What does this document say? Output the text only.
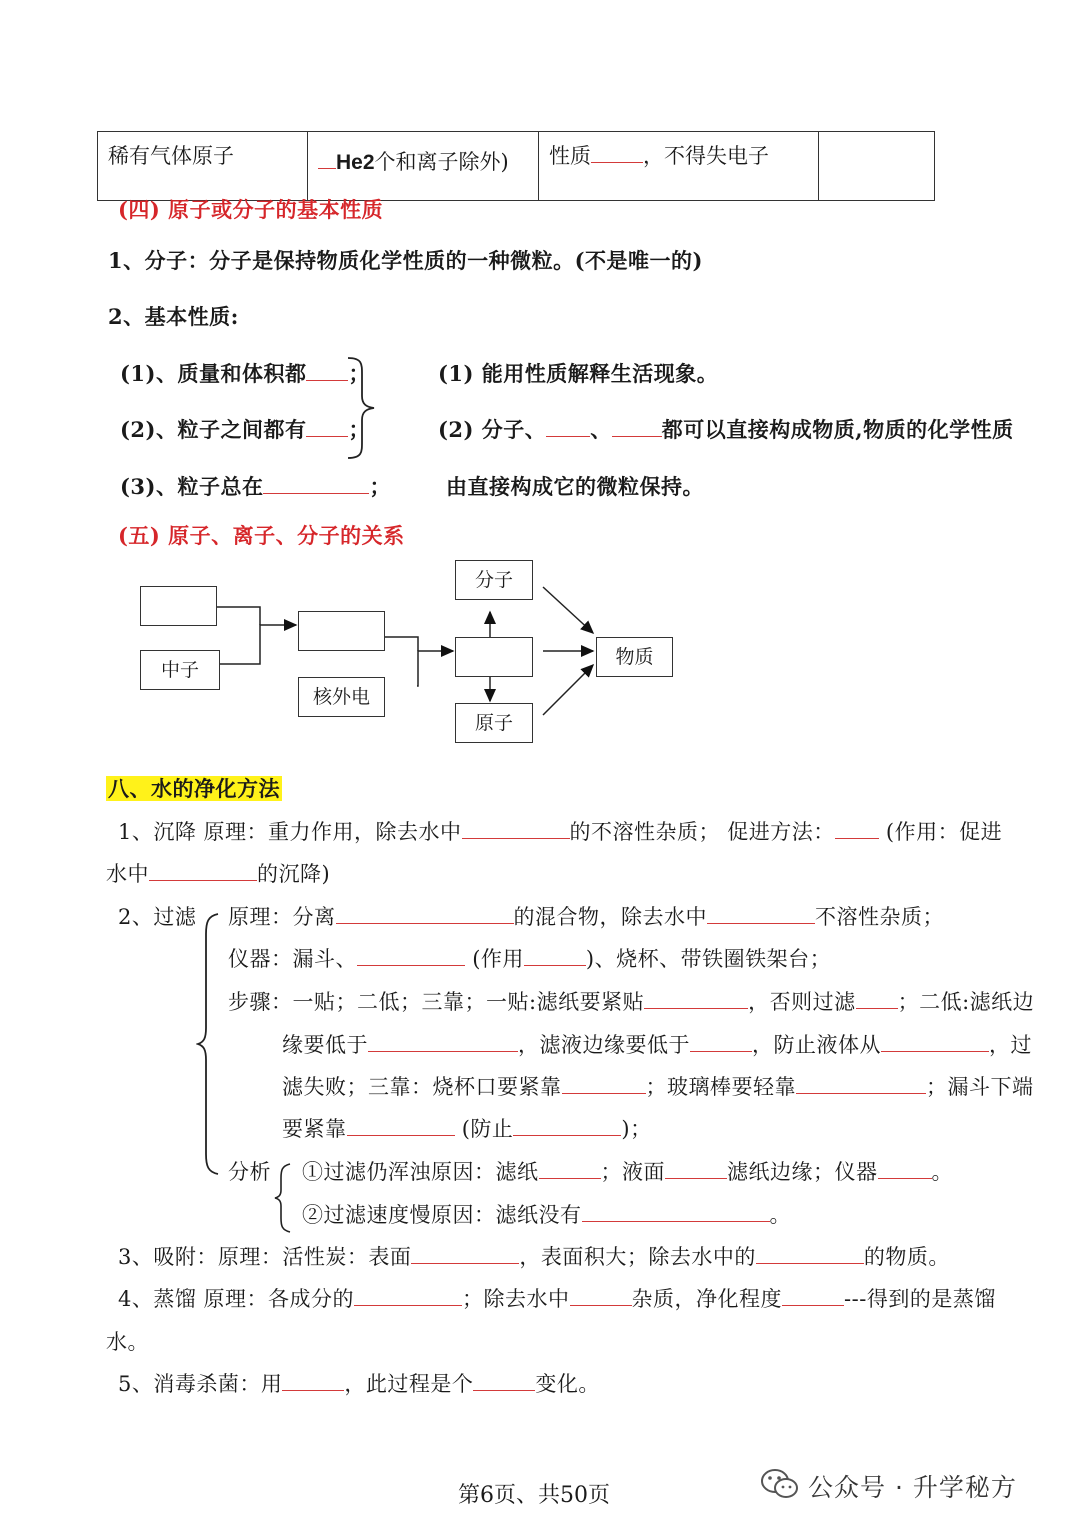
稀有气体原子	He2个和离子除外)	性质 ，不得失电子	
(四) 原子或分子的基本性质
1、分子：分子是保持物质化学性质的一种微粒。(不是唯一的)
2、基本性质:
(1)、质量和体积都 ；
(2)、粒子之间都有 ；
(3)、粒子总在	；
(1) 能用性质解释生活现象。
(2) 分子、 、 都可以直接构成物质,物质的化学性质
由直接构成它的微粒保持。
(五) 原子、离子、分子的关系
中子
核外电
分子
原子
物质
八、水的净化方法
1、沉降 原理：重力作用，除去水中	的不溶性杂质； 促进方法： (作用：促进
水中	的沉降)
2、过滤 原理：分离	的混合物，除去水中	不溶性杂质；
仪器：漏斗、	(作用	)、烧杯、带铁圈铁架台；
步骤：一贴；二低；三靠；一贴:滤纸要紧贴	，否则过滤 ；二低:滤纸边
缘要低于	，滤液边缘要低于	，防止液体从	，过
滤失败；三靠：烧杯口要紧靠	；玻璃棒要轻靠	；漏斗下端
要紧靠	(防止	)；
分析 ①过滤仍浑浊原因：滤纸	；液面	滤纸边缘；仪器	。
②过滤速度慢原因：滤纸没有	。
3、吸附：原理：活性炭：表面	，表面积大；除去水中的	的物质。
4、蒸馏 原理：各成分的	；除去水中	杂质，净化程度	---得到的是蒸馏
水。
5、消毒杀菌：用	，此过程是个	变化。
第6页、共50页	公众号 · 升学秘方
